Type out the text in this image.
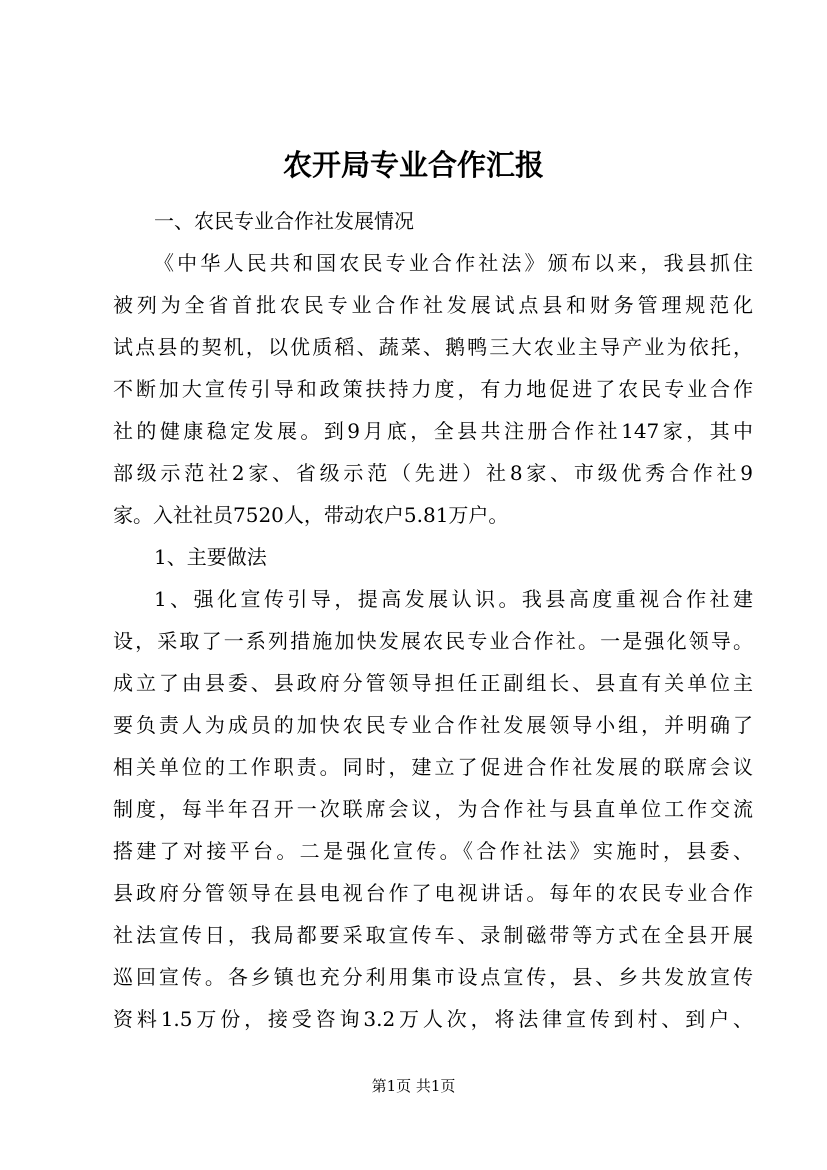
农开局专业合作汇报
一、农民专业合作社发展情况
《中华人民共和国农民专业合作社法》颁布以来，我县抓住
被列为全省首批农民专业合作社发展试点县和财务管理规范化
试点县的契机，以优质稻、蔬菜、鹅鸭三大农业主导产业为依托，
不断加大宣传引导和政策扶持力度，有力地促进了农民专业合作
社的健康稳定发展。到9月底，全县共注册合作社147家，其中
部级示范社2家、省级示范（先进）社8家、市级优秀合作社9
家。入社社员7520人，带动农户5.81万户。
1、主要做法
1、强化宣传引导，提高发展认识。我县高度重视合作社建
设，采取了一系列措施加快发展农民专业合作社。一是强化领导。
成立了由县委、县政府分管领导担任正副组长、县直有关单位主
要负责人为成员的加快农民专业合作社发展领导小组，并明确了
相关单位的工作职责。同时，建立了促进合作社发展的联席会议
制度，每半年召开一次联席会议，为合作社与县直单位工作交流
搭建了对接平台。二是强化宣传。《合作社法》实施时，县委、
县政府分管领导在县电视台作了电视讲话。每年的农民专业合作
社法宣传日，我局都要采取宣传车、录制磁带等方式在全县开展
巡回宣传。各乡镇也充分利用集市设点宣传，县、乡共发放宣传
资料1.5万份，接受咨询3.2万人次，将法律宣传到村、到户、
第1页 共1页
